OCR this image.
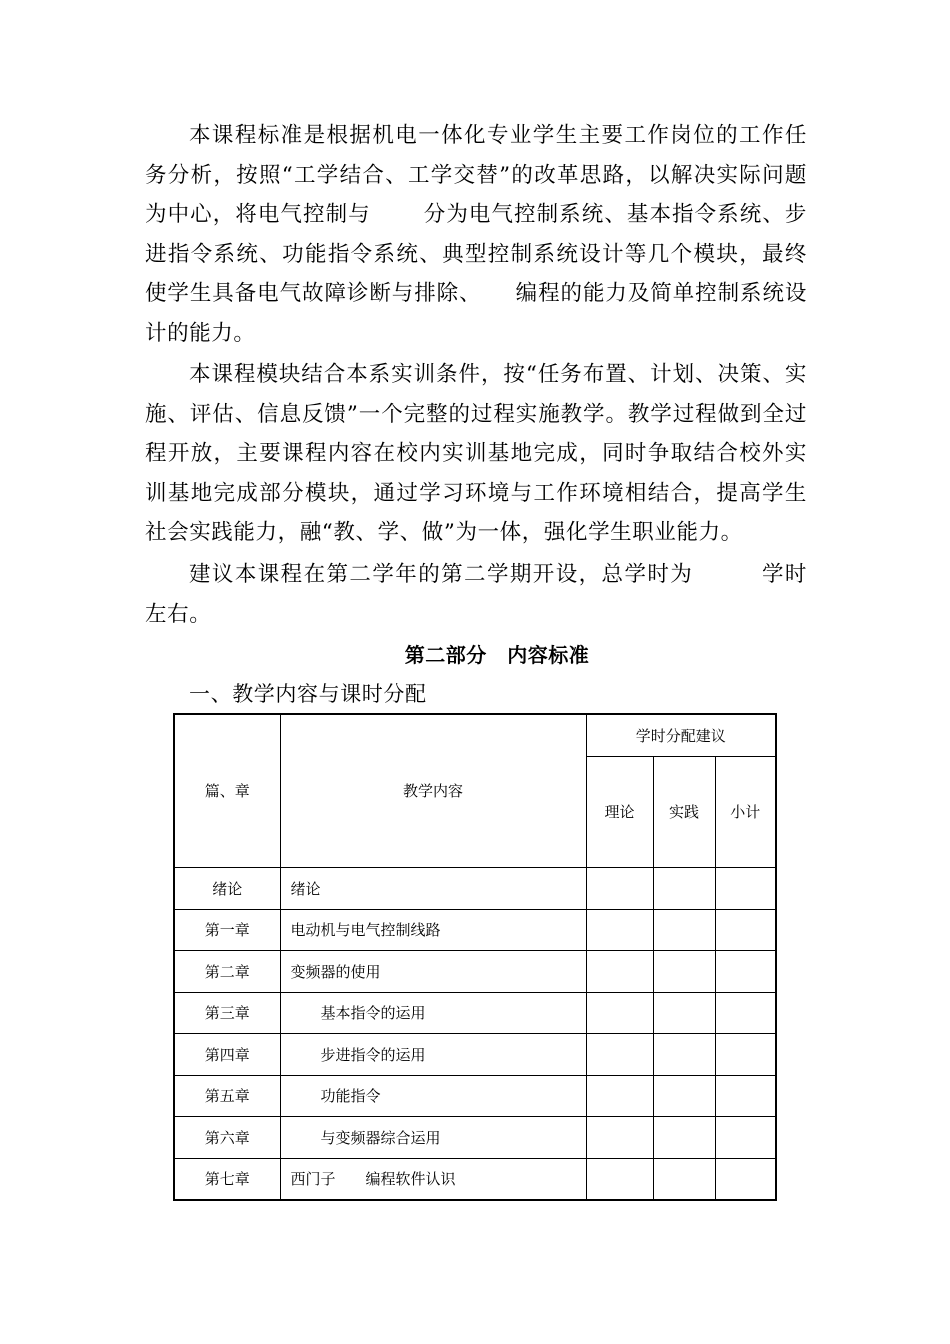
本课程标准是根据机电一体化专业学生主要工作岗位的工作任务分析，按照“工学结合、工学交替”的改革思路，以解决实际问题为中心，将电气控制与　　 分为电气控制系统、基本指令系统、步进指令系统、功能指令系统、典型控制系统设计等几个模块，最终使学生具备电气故障诊断与排除、　　编程的能力及简单控制系统设计的能力。

本课程模块结合本系实训条件，按“任务布置、计划、决策、实施、评估、信息反馈”一个完整的过程实施教学。教学过程做到全过程开放，主要课程内容在校内实训基地完成，同时争取结合校外实训基地完成部分模块，通过学习环境与工作环境相结合，提高学生社会实践能力，融“教、学、做”为一体，强化学生职业能力。

建议本课程在第二学年的第二学期开设，总学时为　　　学时左右。

第二部分　内容标准
一、教学内容与课时分配
篇、章	教学内容	学时分配建议		
		理论	实践	小计
绪论	绪论			
第一章	电动机与电气控制线路			
第二章	变频器的使用			
第三章	基本指令的运用			
第四章	步进指令的运用			
第五章	功能指令			
第六章	与变频器综合运用			
第七章	西门子　　编程软件认识			
